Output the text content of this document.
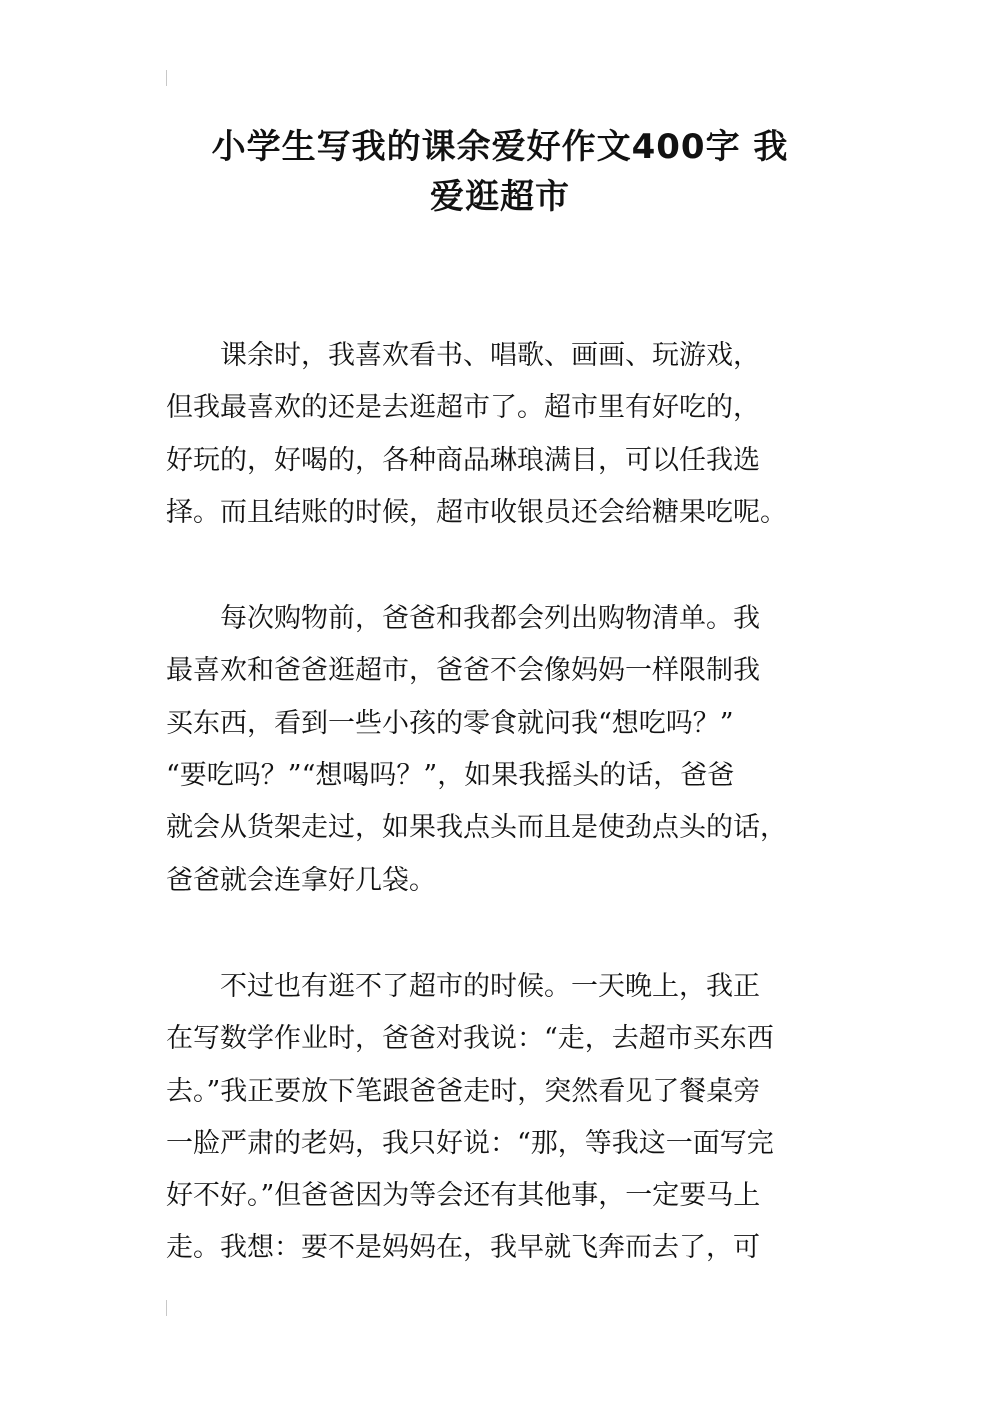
小学生写我的课余爱好作文400字 我
爱逛超市

　　课余时，我喜欢看书、唱歌、画画、玩游戏，
但我最喜欢的还是去逛超市了。超市里有好吃的，
好玩的，好喝的，各种商品琳琅满目，可以任我选
择。而且结账的时候，超市收银员还会给糖果吃呢。

　　每次购物前，爸爸和我都会列出购物清单。我
最喜欢和爸爸逛超市，爸爸不会像妈妈一样限制我
买东西，看到一些小孩的零食就问我“想吃吗？”
“要吃吗？”“想喝吗？”，如果我摇头的话，爸爸
就会从货架走过，如果我点头而且是使劲点头的话，
爸爸就会连拿好几袋。

　　不过也有逛不了超市的时候。一天晚上，我正
在写数学作业时，爸爸对我说：“走，去超市买东西
去。”我正要放下笔跟爸爸走时，突然看见了餐桌旁
一脸严肃的老妈，我只好说：“那，等我这一面写完
好不好。”但爸爸因为等会还有其他事，一定要马上
走。我想：要不是妈妈在，我早就飞奔而去了，可
